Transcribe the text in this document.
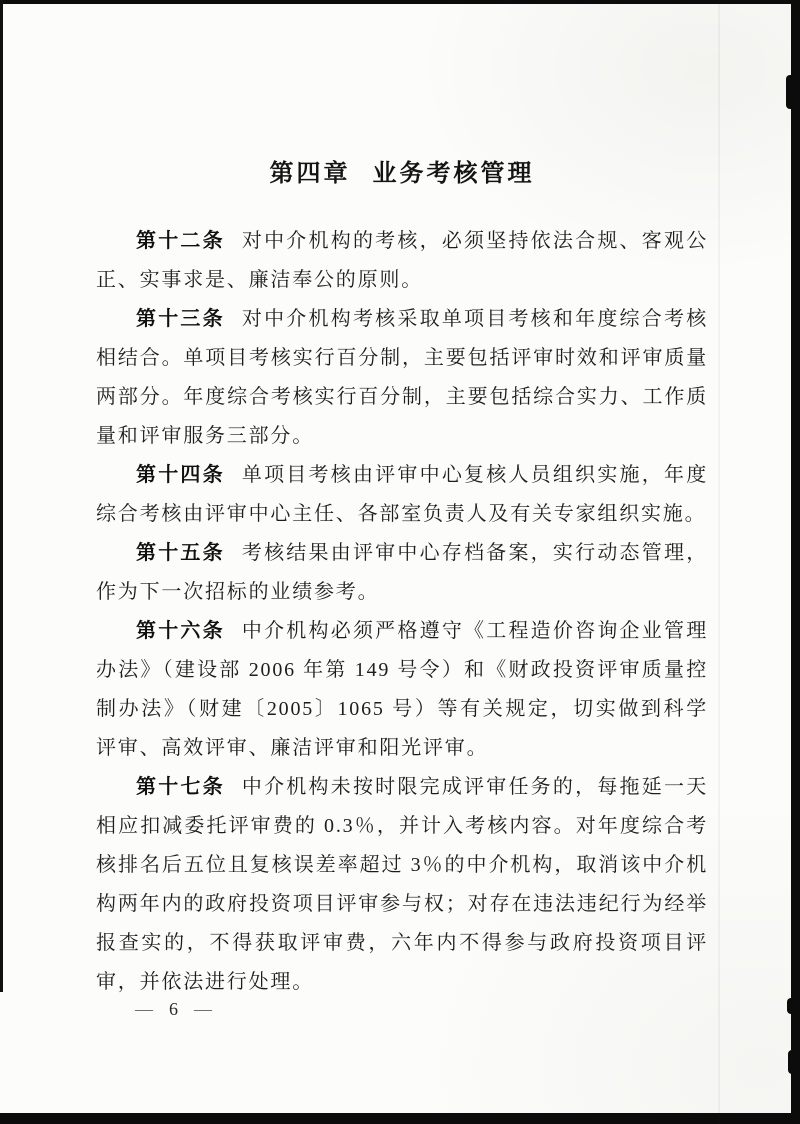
第四章 业务考核管理

第十二条 对中介机构的考核，必须坚持依法合规、客观公正、实事求是、廉洁奉公的原则。

第十三条 对中介机构考核采取单项目考核和年度综合考核相结合。单项目考核实行百分制，主要包括评审时效和评审质量两部分。年度综合考核实行百分制，主要包括综合实力、工作质量和评审服务三部分。

第十四条 单项目考核由评审中心复核人员组织实施，年度综合考核由评审中心主任、各部室负责人及有关专家组织实施。

第十五条 考核结果由评审中心存档备案，实行动态管理，作为下一次招标的业绩参考。

第十六条 中介机构必须严格遵守《工程造价咨询企业管理办法》（建设部 2006 年第 149 号令）和《财政投资评审质量控制办法》（财建〔2005〕1065 号）等有关规定，切实做到科学评审、高效评审、廉洁评审和阳光评审。

第十七条 中介机构未按时限完成评审任务的，每拖延一天相应扣减委托评审费的 0.3％，并计入考核内容。对年度综合考核排名后五位且复核误差率超过 3％的中介机构，取消该中介机构两年内的政府投资项目评审参与权；对存在违法违纪行为经举报查实的，不得获取评审费，六年内不得参与政府投资项目评审，并依法进行处理。

— 6 —
